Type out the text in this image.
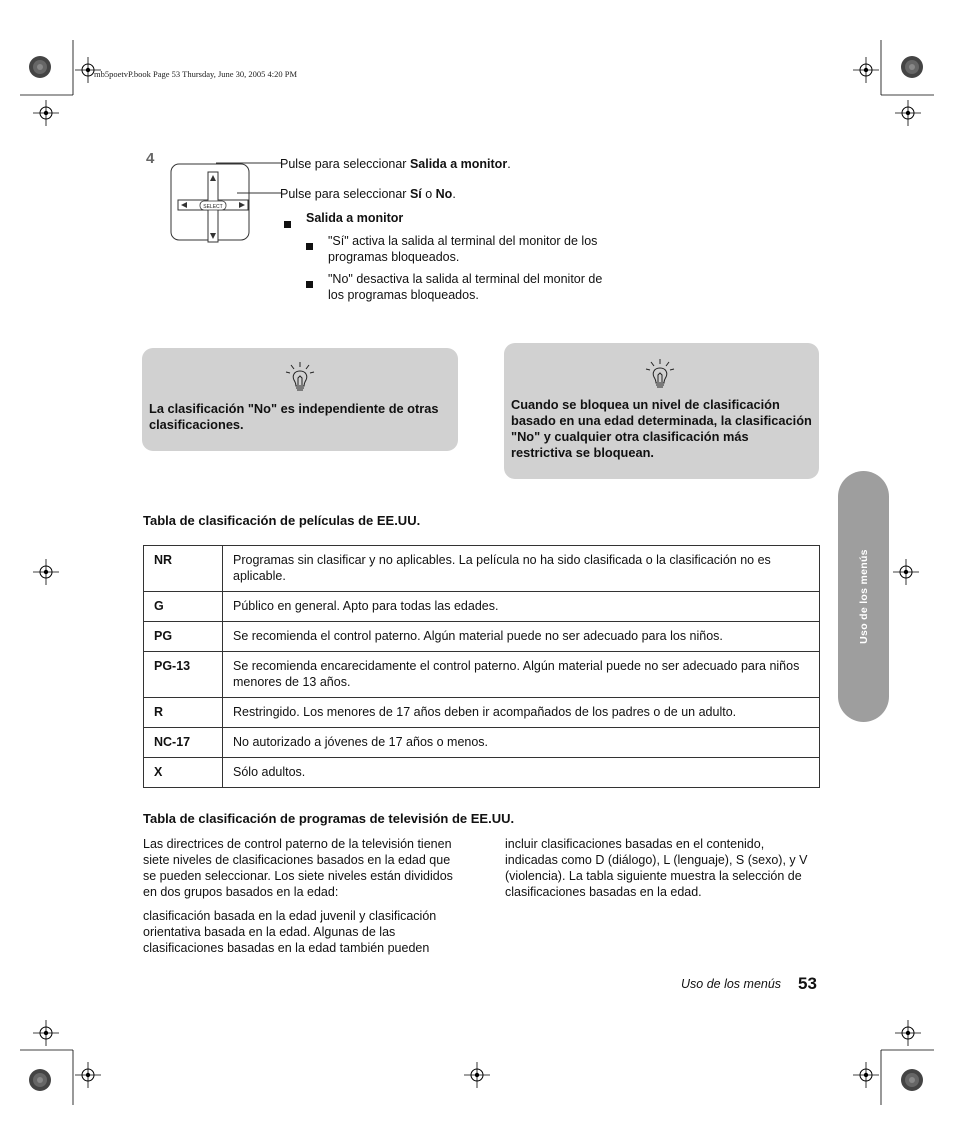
mb5poetvP.book Page 53 Thursday, June 30, 2005 4:20 PM
4
SELECT
Pulse para seleccionar Salida a monitor.
Pulse para seleccionar Sí o No.
Salida a monitor
"Sí" activa la salida al terminal del monitor de los programas bloqueados.
"No" desactiva la salida al terminal del monitor de los programas bloqueados.
La clasificación "No" es independiente de otras clasificaciones.
Cuando se bloquea un nivel de clasificación basado en una edad determinada, la clasificación "No" y cualquier otra clasificación más restrictiva se bloquean.
Tabla de clasificación de películas de EE.UU.
NR	Programas sin clasificar y no aplicables. La película no ha sido clasificada o la clasificación no es aplicable.
G	Público en general. Apto para todas las edades.
PG	Se recomienda el control paterno. Algún material puede no ser adecuado para los niños.
PG-13	Se recomienda encarecidamente el control paterno. Algún material puede no ser adecuado para niños menores de 13 años.
R	Restringido. Los menores de 17 años deben ir acompañados de los padres o de un adulto.
NC-17	No autorizado a jóvenes de 17 años o menos.
X	Sólo adultos.
Tabla de clasificación de programas de televisión de EE.UU.
Las directrices de control paterno de la televisión tienen siete niveles de clasificaciones basados en la edad que se pueden seleccionar. Los siete niveles están divididos en dos grupos basados en la edad:
clasificación basada en la edad juvenil y clasificación orientativa basada en la edad. Algunas de las clasificaciones basadas en la edad también pueden
incluir clasificaciones basadas en el contenido, indicadas como D (diálogo), L (lenguaje), S (sexo), y V (violencia). La tabla siguiente muestra la selección de clasificaciones basadas en la edad.
Uso de los menús
Uso de los menús 53
